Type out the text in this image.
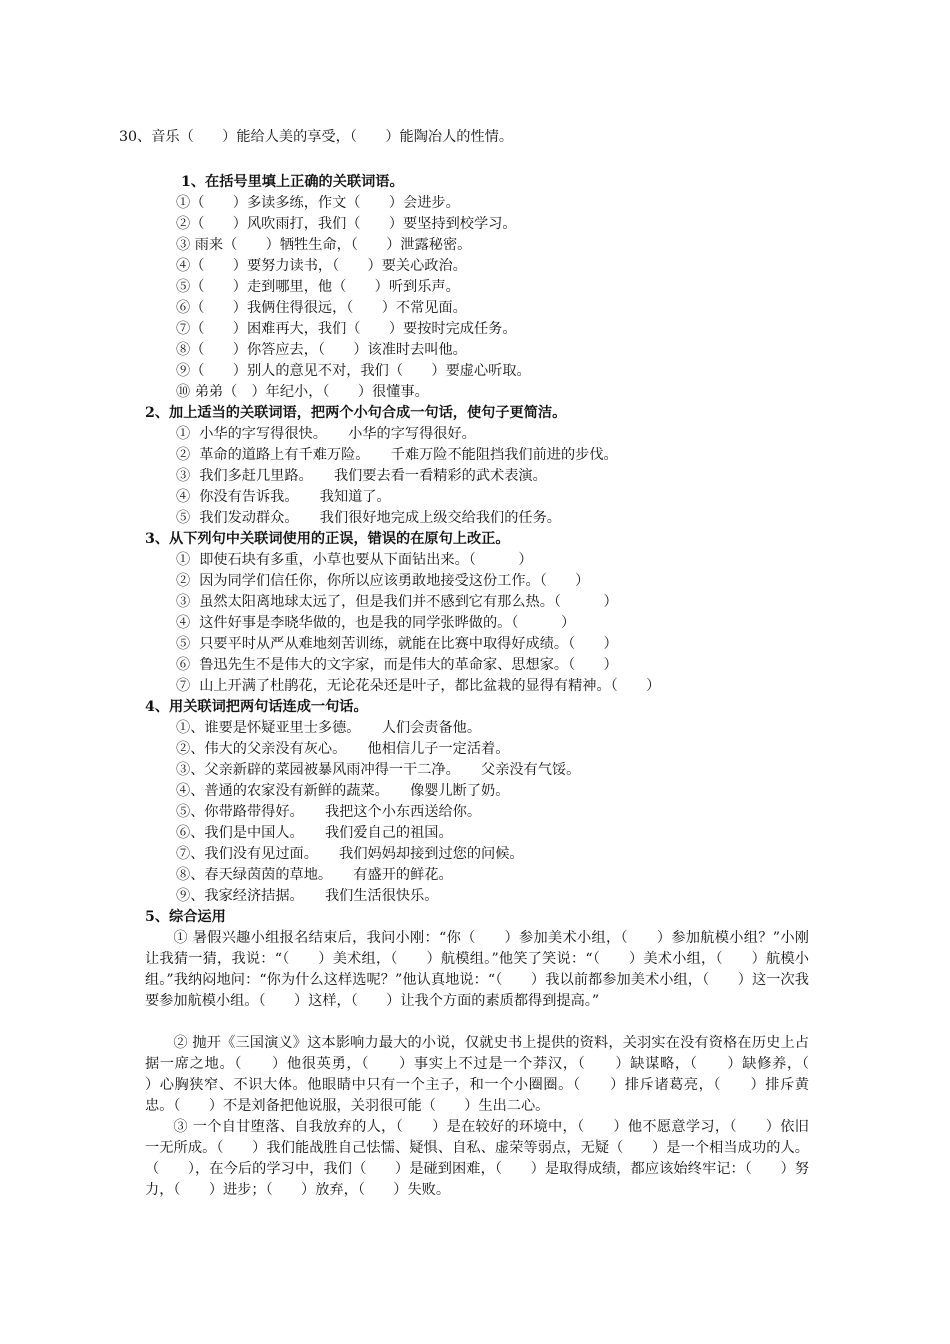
30、音乐（　　）能给人美的享受，（　　）能陶冶人的性情。
1、在括号里填上正确的关联词语。
①（　　）多读多练，作文（　　）会进步。
②（　　）风吹雨打，我们（　　）要坚持到校学习。
③ 雨来（　　）牺牲生命，（　　）泄露秘密。
④（　　）要努力读书，（　　）要关心政治。
⑤（　　）走到哪里，他（　　）听到乐声。
⑥（　　）我俩住得很远，（　　）不常见面。
⑦（　　）困难再大，我们（　　）要按时完成任务。
⑧（　　）你答应去，（　　）该准时去叫他。
⑨（　　）别人的意见不对，我们（　　）要虚心听取。
⑩ 弟弟（　）年纪小，（　　）很懂事。
2、加上适当的关联词语，把两个小句合成一句话，使句子更简洁。
①  小华的字写得很快。　　小华的字写得很好。
②  革命的道路上有千难万险。　　千难万险不能阻挡我们前进的步伐。
③  我们多赶几里路。　　我们要去看一看精彩的武术表演。
④  你没有告诉我。　　我知道了。
⑤  我们发动群众。　　我们很好地完成上级交给我们的任务。
3、从下列句中关联词使用的正误，错误的在原句上改正。
①  即使石块有多重，小草也要从下面钻出来。（　　　）
②  因为同学们信任你，你所以应该勇敢地接受这份工作。（　　）
③  虽然太阳离地球太远了，但是我们并不感到它有那么热。（　　　）
④  这件好事是李晓华做的，也是我的同学张晔做的。（　　　）
⑤  只要平时从严从难地刻苦训练，就能在比赛中取得好成绩。（　　）
⑥  鲁迅先生不是伟大的文字家，而是伟大的革命家、思想家。（　　）
⑦  山上开满了杜鹃花，无论花朵还是叶子，都比盆栽的显得有精神。（　　）
4、用关联词把两句话连成一句话。
①、谁要是怀疑亚里士多德。　　人们会责备他。
②、伟大的父亲没有灰心。　　他相信儿子一定活着。
③、父亲新辟的菜园被暴风雨冲得一干二净。　　父亲没有气馁。
④、普通的农家没有新鲜的蔬菜。　　像婴儿断了奶。
⑤、你带路带得好。　　我把这个小东西送给你。
⑥、我们是中国人。　　我们爱自己的祖国。
⑦、我们没有见过面。　　我们妈妈却接到过您的问候。
⑧、春天绿茵茵的草地。　　有盛开的鲜花。
⑨、我家经济拮据。　　我们生活很快乐。
5、综合运用
① 暑假兴趣小组报名结束后，我问小刚：“你（　　）参加美术小组，（　　）参加航模小组？”小刚让我猜一猜，我说：“（　　）美术组，（　　）航模组。”他笑了笑说：“（　　）美术小组，（　　）航模小组。”我纳闷地问：“你为什么这样选呢？”他认真地说：“（　　）我以前都参加美术小组，（　　）这一次我要参加航模小组。（　　）这样，（　　）让我个方面的素质都得到提高。”
② 抛开《三国演义》这本影响力最大的小说，仅就史书上提供的资料，关羽实在没有资格在历史上占据一席之地。（　　）他很英勇，（　　）事实上不过是一个莽汉，（　　）缺谋略，（　　）缺修养，（　　）心胸狭窄、不识大体。他眼睛中只有一个主子，和一个小圈圈。（　　）排斥诸葛亮，（　　）排斥黄忠。（　　）不是刘备把他说服，关羽很可能（　　）生出二心。
③ 一个自甘堕落、自我放弃的人，（　　）是在较好的环境中，（　　）他不愿意学习，（　　）依旧一无所成。（　　）我们能战胜自己怯懦、疑惧、自私、虚荣等弱点，无疑（　　）是一个相当成功的人。（　　），在今后的学习中，我们（　　）是碰到困难，（　　）是取得成绩，都应该始终牢记：（　　）努力，（　　）进步；（　　）放弃，（　　）失败。
